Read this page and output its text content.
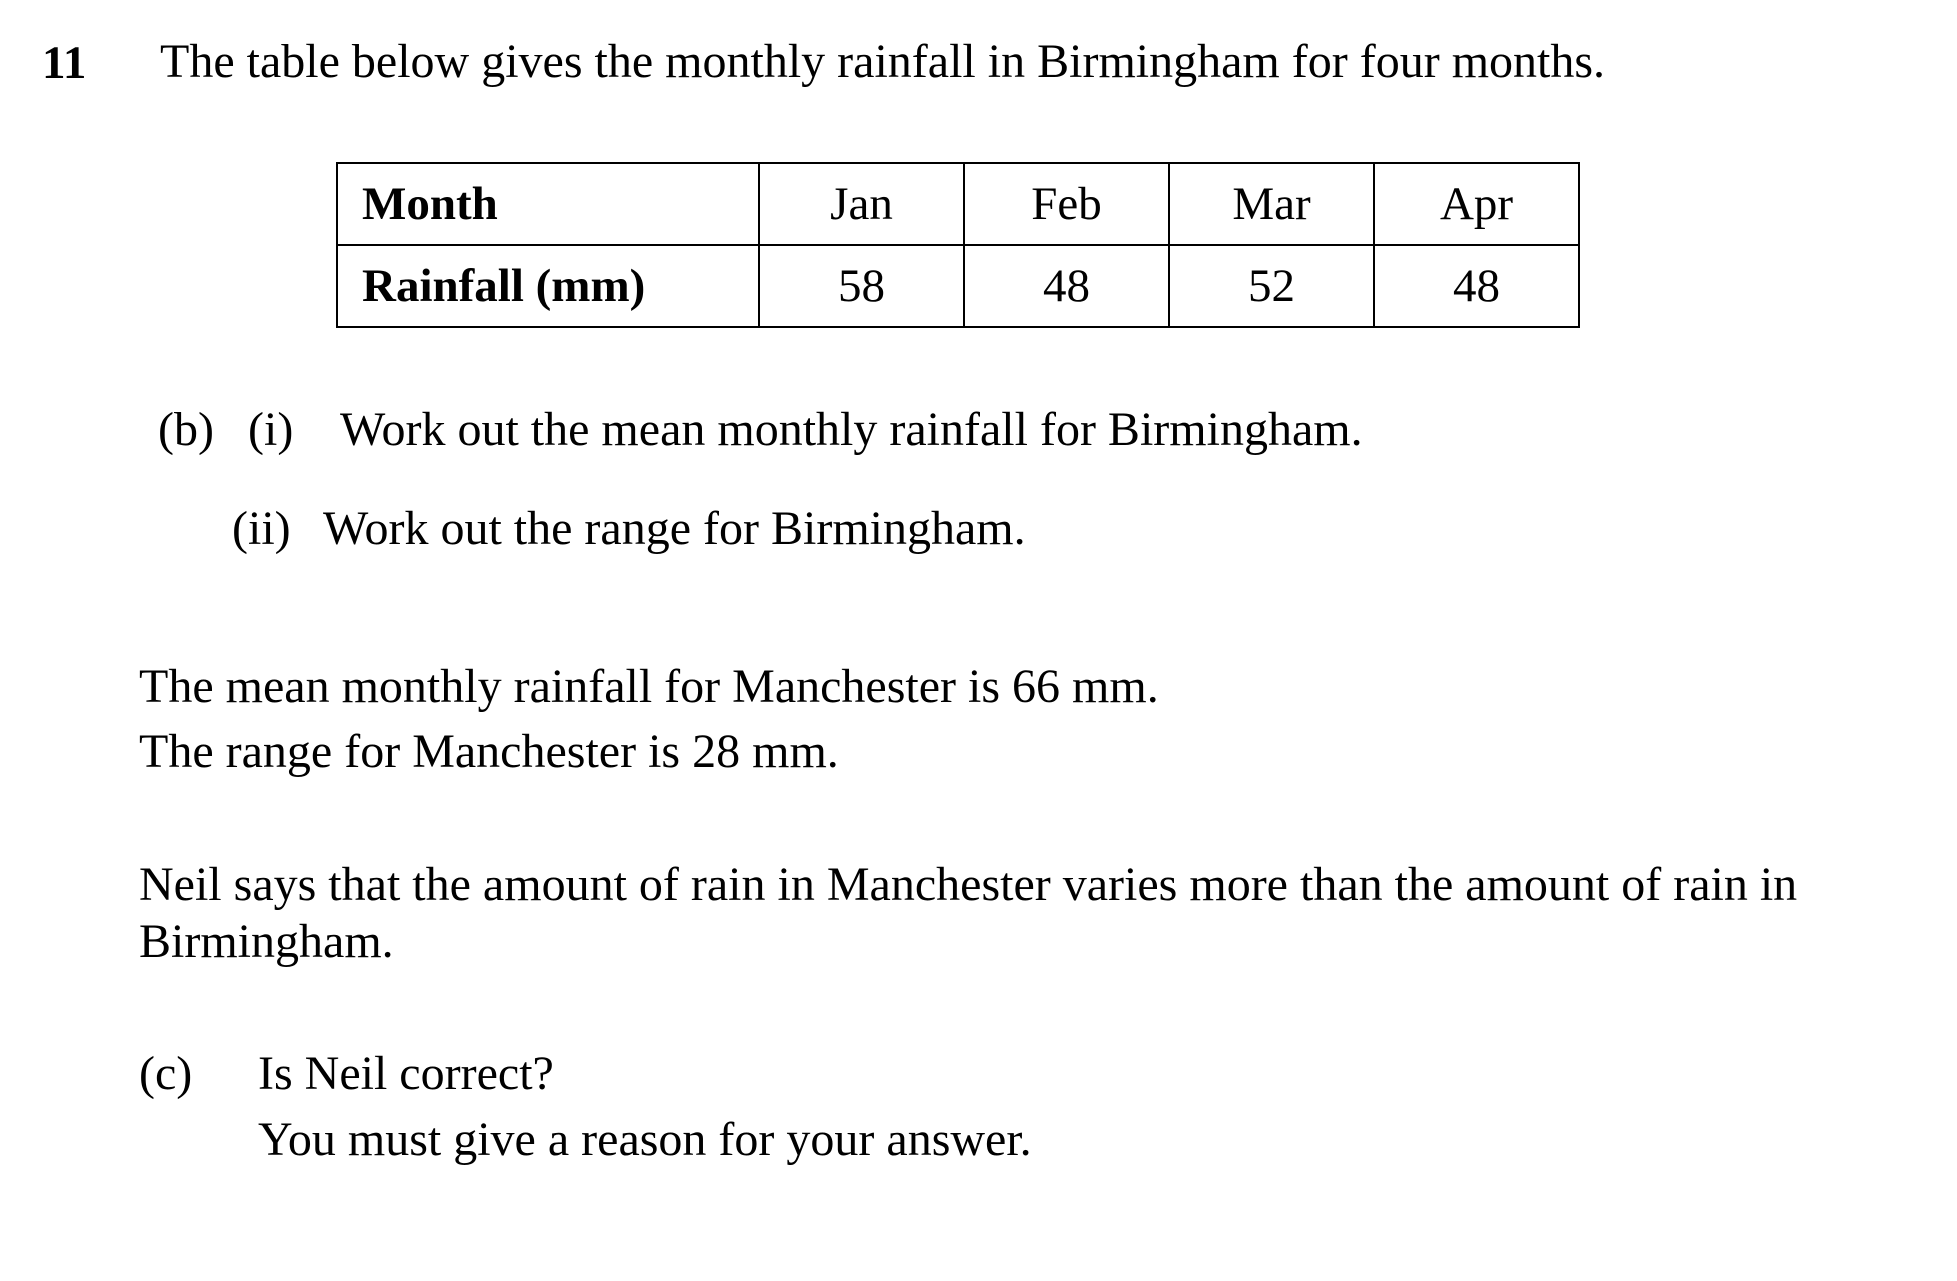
11 The table below gives the monthly rainfall in Birmingham for four months.
Month	Jan	Feb	Mar	Apr
Rainfall (mm)	58	48	52	48
(b) (i) Work out the mean monthly rainfall for Birmingham.
(ii) Work out the range for Birmingham.
The mean monthly rainfall for Manchester is 66 mm.
The range for Manchester is 28 mm.
Neil says that the amount of rain in Manchester varies more than the amount of rain in
Birmingham.
(c) Is Neil correct?
You must give a reason for your answer.
